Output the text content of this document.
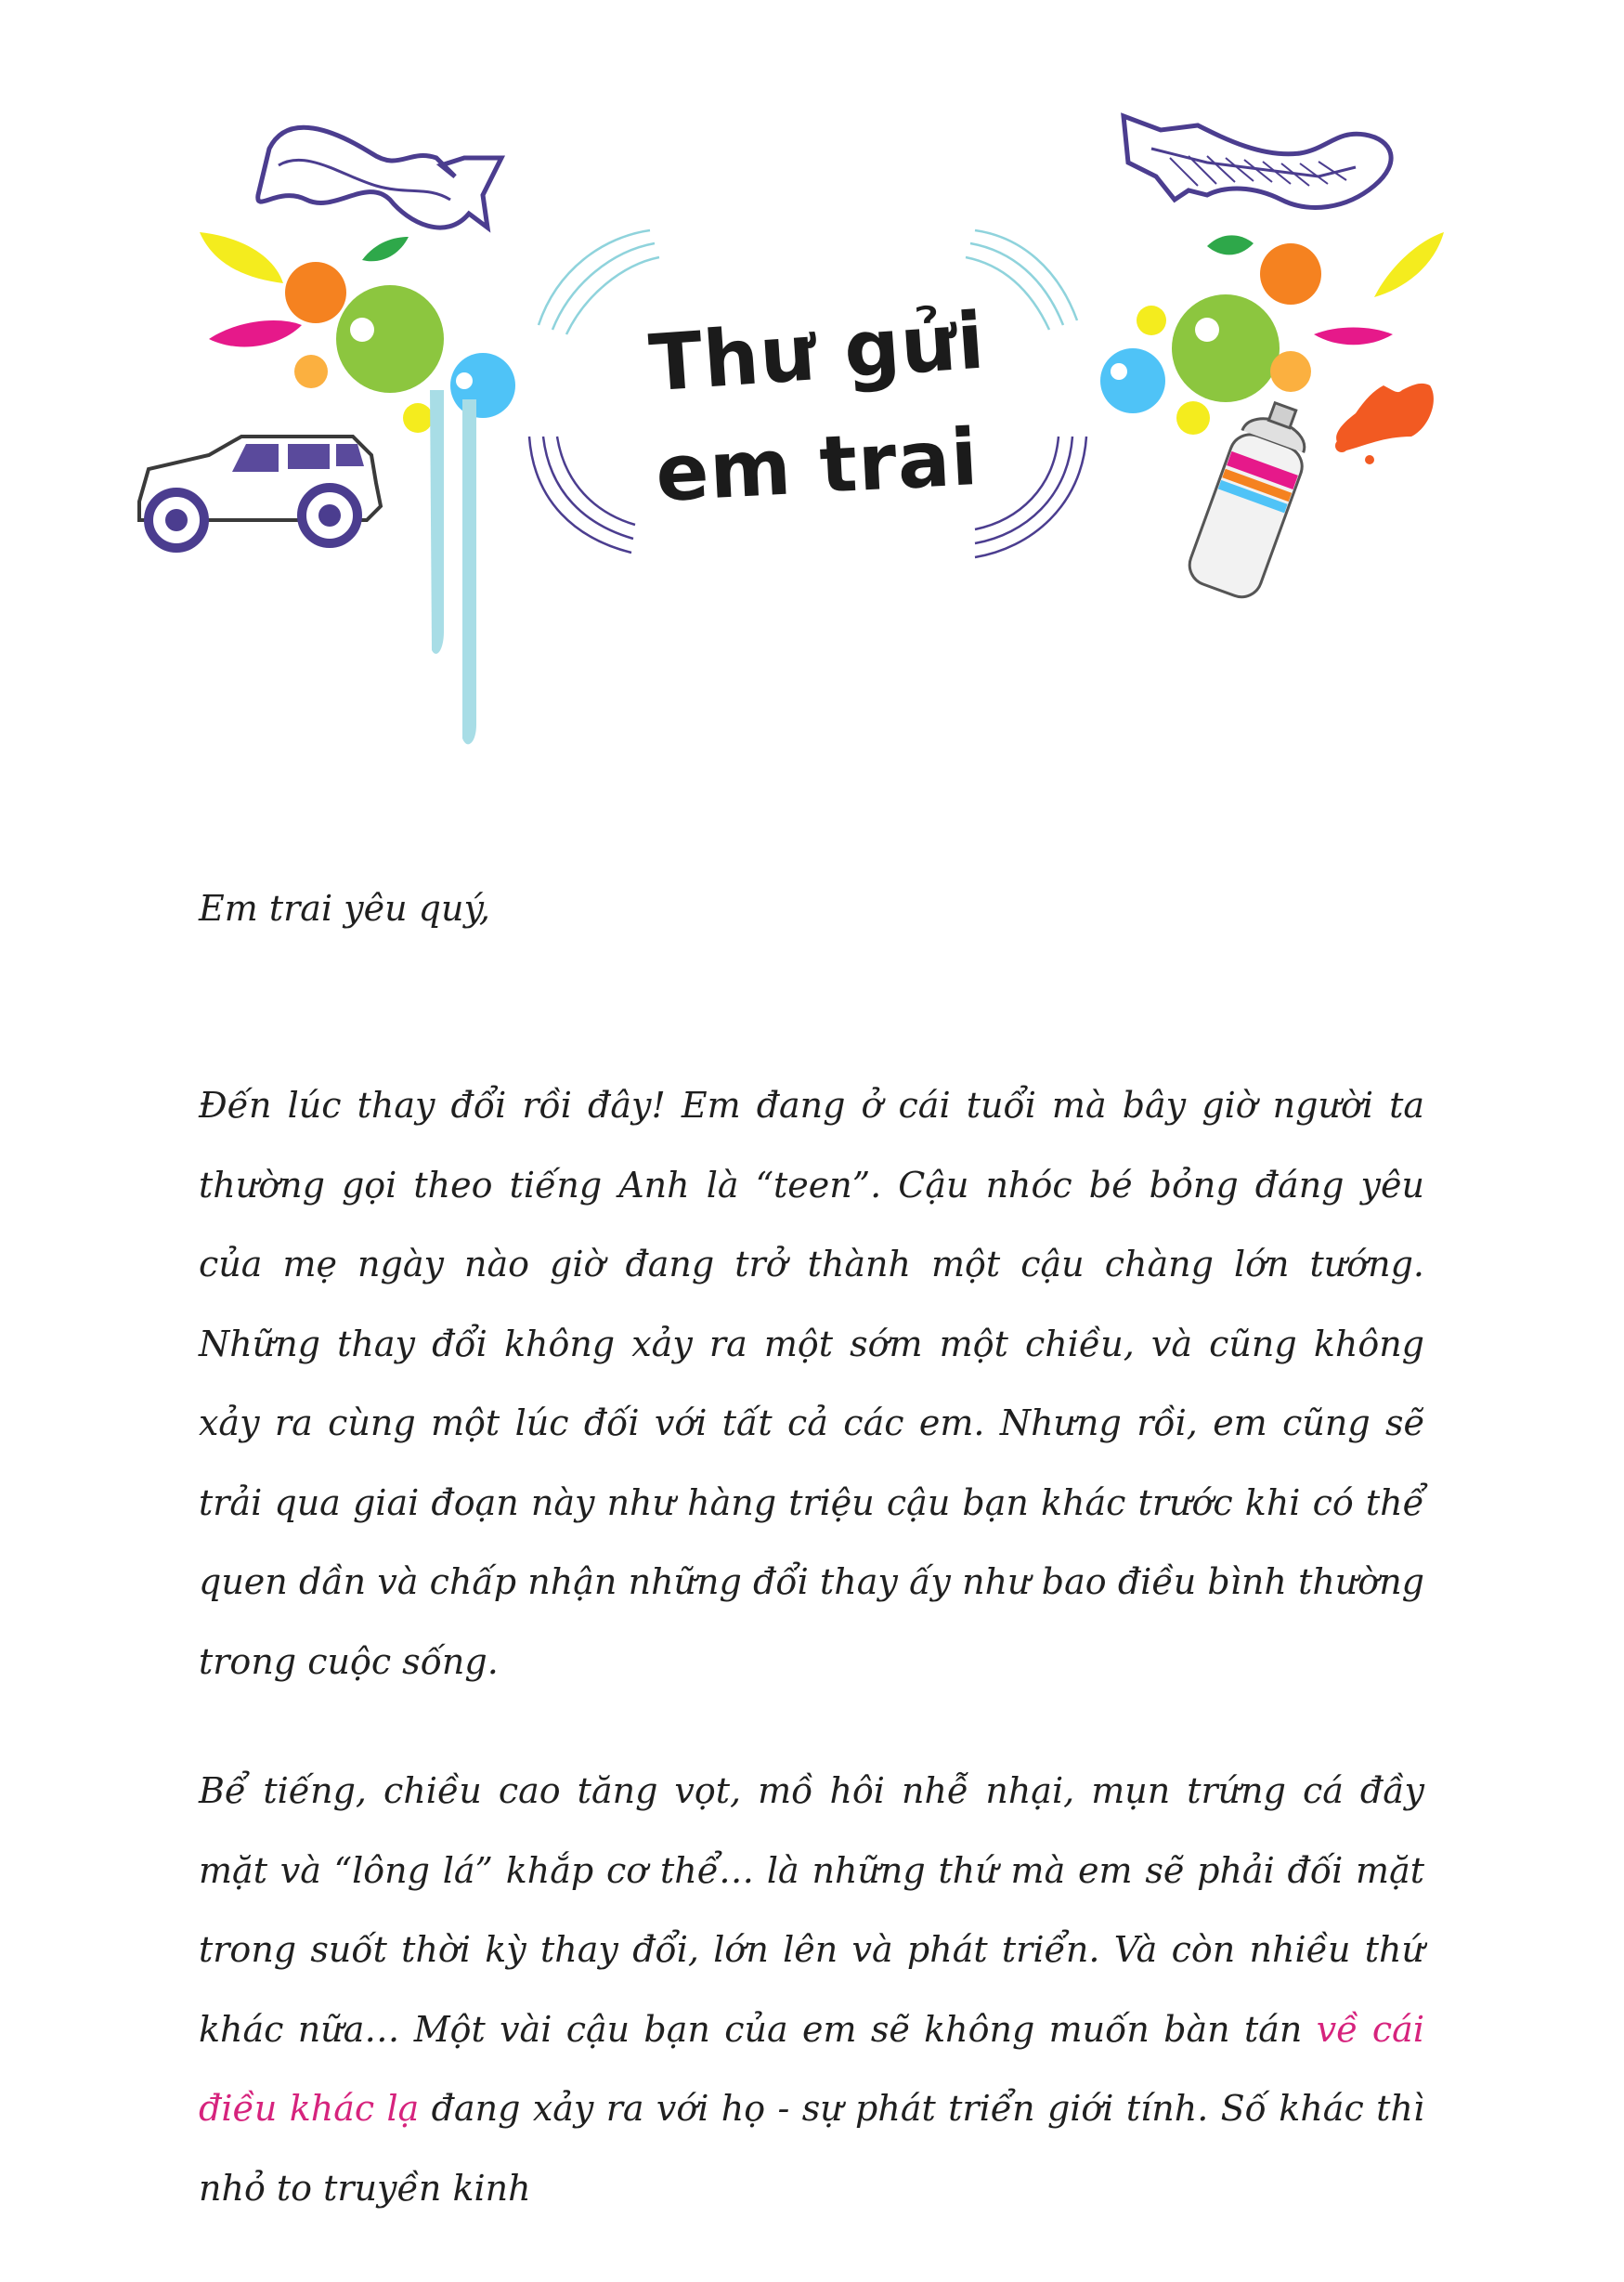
Thư gửi
em trai

Em trai yêu quý,

Đến lúc thay đổi rồi đây! Em đang ở cái tuổi mà bây giờ người ta thường gọi theo tiếng Anh là “teen”. Cậu nhóc bé bỏng đáng yêu của mẹ ngày nào giờ đang trở thành một cậu chàng lớn tướng. Những thay đổi không xảy ra một sớm một chiều, và cũng không xảy ra cùng một lúc đối với tất cả các em. Nhưng rồi, em cũng sẽ trải qua giai đoạn này như hàng triệu cậu bạn khác trước khi có thể quen dần và chấp nhận những đổi thay ấy như bao điều bình thường trong cuộc sống.

Bể tiếng, chiều cao tăng vọt, mồ hôi nhễ nhại, mụn trứng cá đầy mặt và “lông lá” khắp cơ thể… là những thứ mà em sẽ phải đối mặt trong suốt thời kỳ thay đổi, lớn lên và phát triển. Và còn nhiều thứ khác nữa… Một vài cậu bạn của em sẽ không muốn bàn tán về cái điều khác lạ đang xảy ra với họ - sự phát triển giới tính. Số khác thì nhỏ to truyền kinh
